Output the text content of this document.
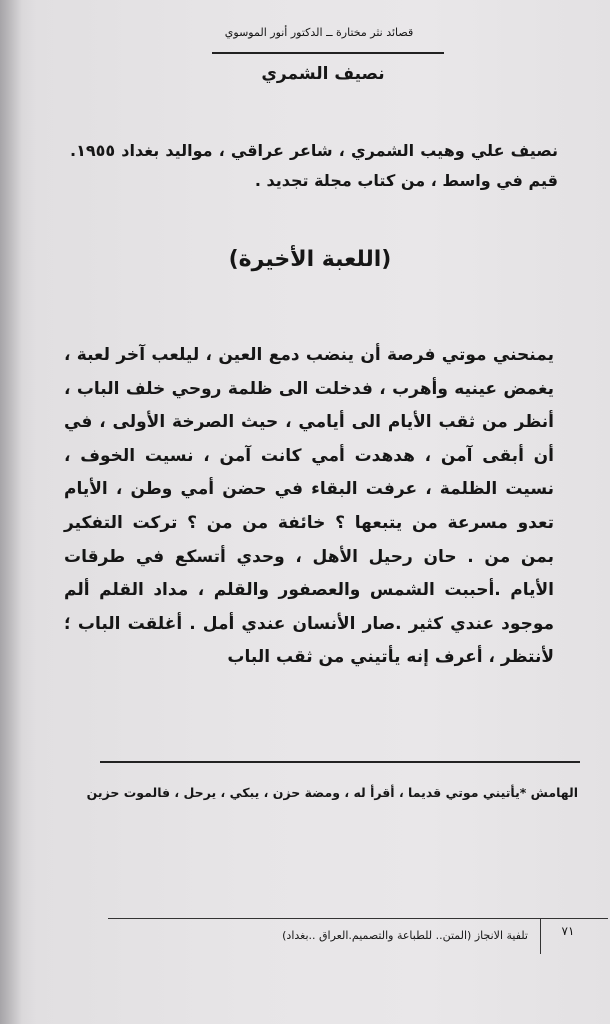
قصائد نثر مختارة ــ الدكتور أنور الموسوي
نصيف الشمري
نصيف علي وهيب الشمري ، شاعر عراقي ، مواليد بغداد ١٩٥٥. قيم في واسط ، من كتاب مجلة تجديد .
(اللعبة الأخيرة)
يمنحني موتي فرصة أن ينضب دمع العين ، ليلعب آخر لعبة ، يغمض عينيه وأهرب ، فدخلت الى ظلمة روحي خلف الباب ، أنظر من ثقب الأيام الى أيامي ، حيث الصرخة الأولى ، في أن أبقى آمن ، هدهدت أمي كانت آمن ، نسيت الخوف ، نسيت الظلمة ، عرفت البقاء في حضن أمي وطن ، الأيام تعدو مسرعة من يتبعها ؟ خائفة من من ؟ تركت التفكير بمن من . حان رحيل الأهل ، وحدي أتسكع في طرقات الأيام .أحببت الشمس والعصفور والقلم ، مداد القلم ألم موجود عندي كثير .صار الأنسان عندي أمل . أغلقت الباب ؛ لأنتظر ، أعرف إنه يأتيني من ثقب الباب
الهامش *يأتيني موتي قديما ، أقرأ له ، ومضة حزن ، يبكي ، يرحل ، فالموت حزين
٧١
تلفية الانجاز (المتن.. للطباعة والتصميم.العراق ..بغداد)
